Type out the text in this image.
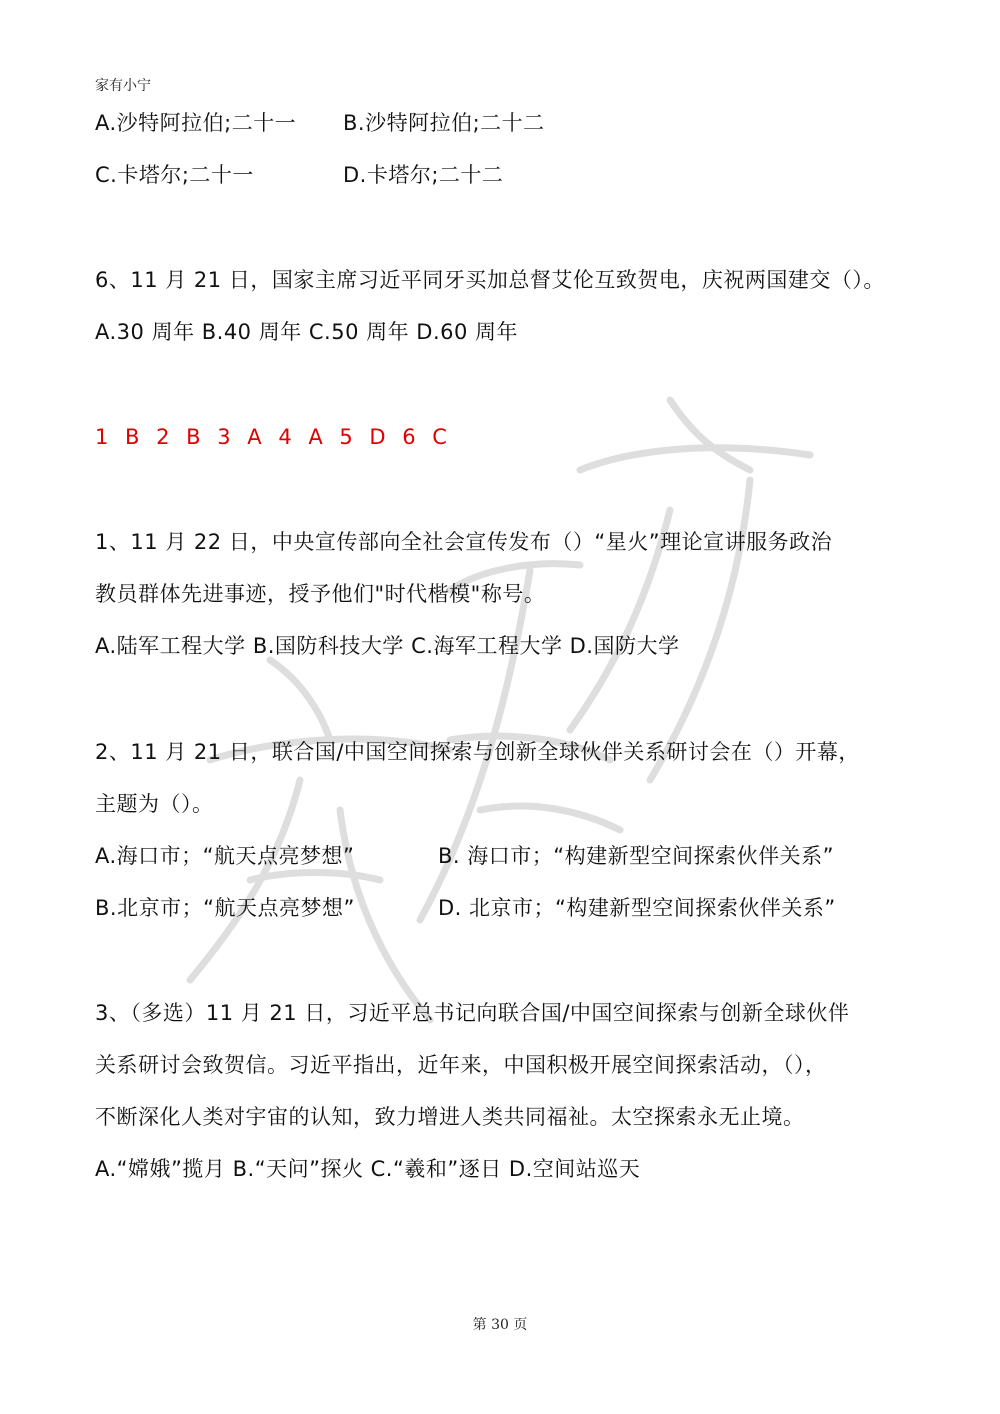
家有小宁
A.沙特阿拉伯;二十一 B.沙特阿拉伯;二十二
C.卡塔尔;二十一	D.卡塔尔;二十二
6、11 月 21 日，国家主席习近平同牙买加总督艾伦互致贺电，庆祝两国建交（）。
A.30 周年 B.40 周年 C.50 周年 D.60 周年
1 B 2 B 3 A 4 A 5 D 6 C
1、11 月 22 日，中央宣传部向全社会宣传发布（）“星火”理论宣讲服务政治
教员群体先进事迹，授予他们"时代楷模"称号。
A.陆军工程大学 B.国防科技大学 C.海军工程大学 D.国防大学
2、11 月 21 日，联合国/中国空间探索与创新全球伙伴关系研讨会在（）开幕，
主题为（）。
A.海口市；“航天点亮梦想”	B. 海口市；“构建新型空间探索伙伴关系”
B.北京市；“航天点亮梦想”	D. 北京市；“构建新型空间探索伙伴关系”
3、（多选）11 月 21 日，习近平总书记向联合国/中国空间探索与创新全球伙伴
关系研讨会致贺信。习近平指出，近年来，中国积极开展空间探索活动，（），
不断深化人类对宇宙的认知，致力增进人类共同福祉。太空探索永无止境。
A.“嫦娥”揽月 B.“天问”探火 C.“羲和”逐日 D.空间站巡天
第 30 页
